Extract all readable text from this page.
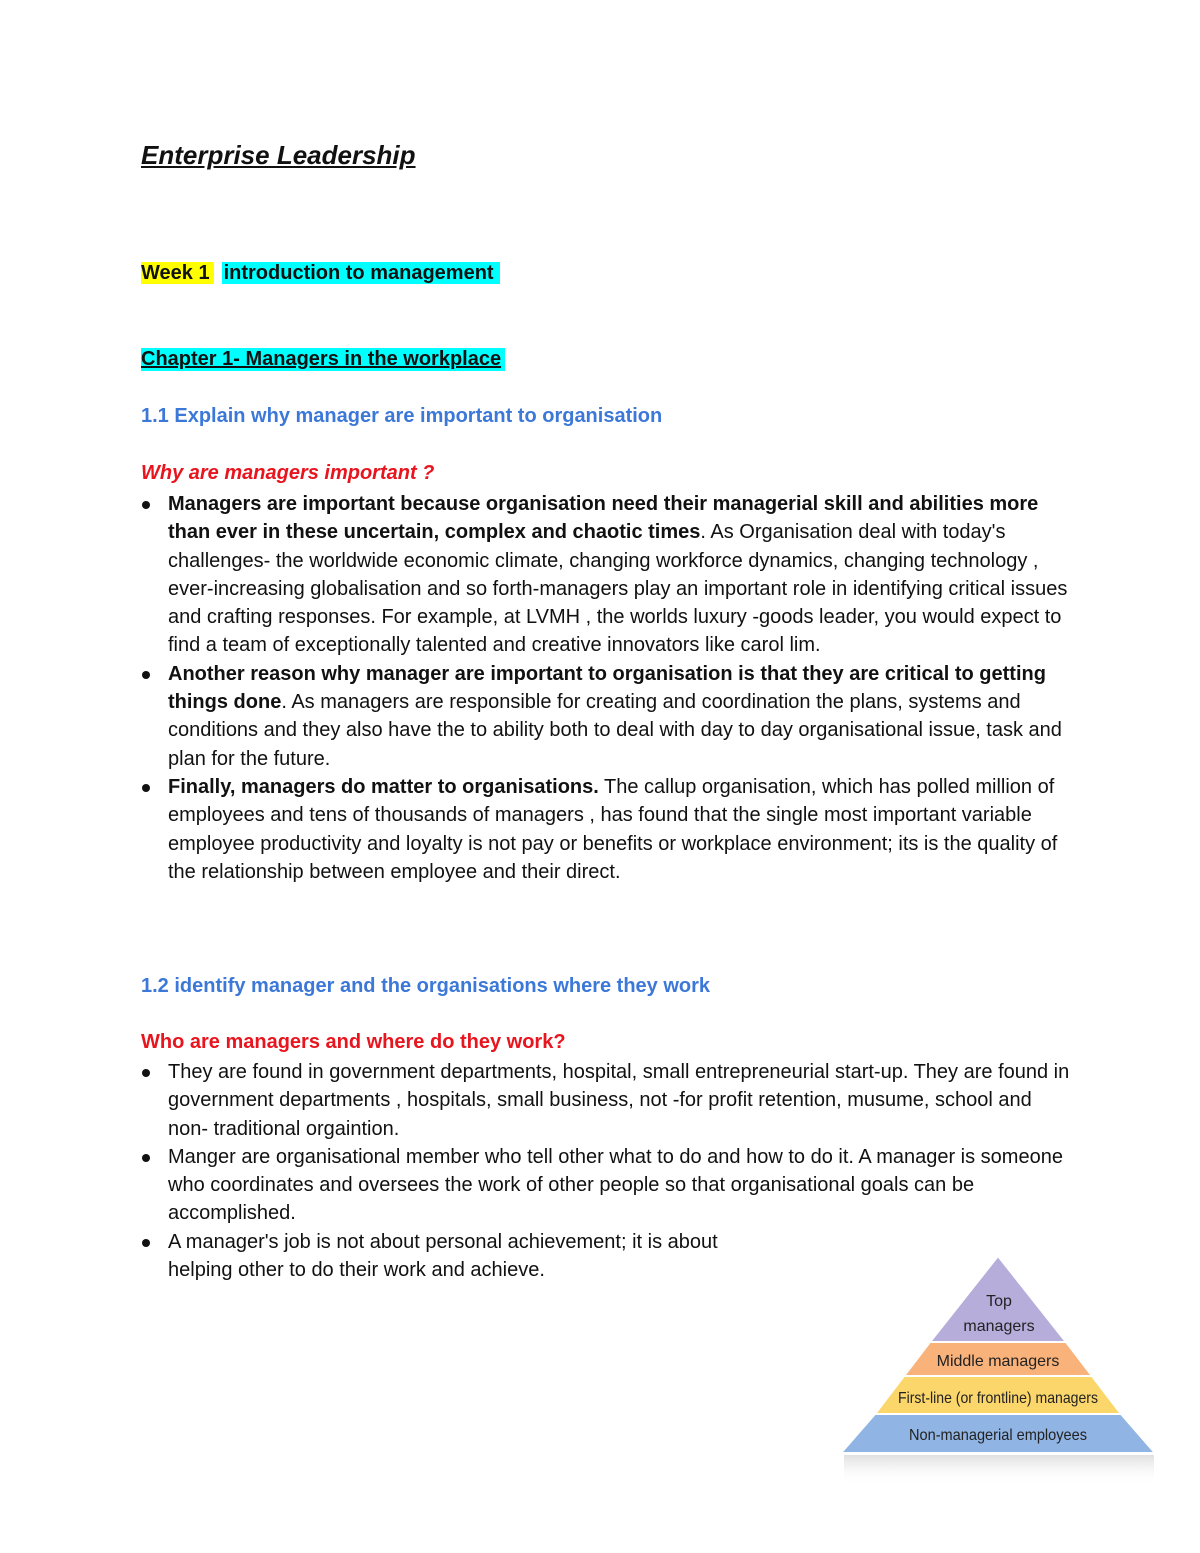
Enterprise Leadership
Week 1 introduction to management
Chapter 1- Managers in the workplace
1.1 Explain why manager are important to organisation
Why are managers important ?
Managers are important because organisation need their managerial skill and abilities more than ever in these uncertain, complex and chaotic times. As Organisation deal with today's challenges- the worldwide economic climate, changing workforce dynamics, changing technology , ever-increasing globalisation and so forth-managers play an important role in identifying critical issues and crafting responses. For example, at LVMH , the worlds luxury -goods leader, you would expect to find a team of exceptionally talented and creative innovators like carol lim.
Another reason why manager are important to organisation is that they are critical to getting things done. As managers are responsible for creating and coordination the plans, systems and conditions and they also have the to ability both to deal with day to day organisational issue, task and plan for the future.
Finally, managers do matter to organisations. The callup organisation, which has polled million of employees and tens of thousands of managers , has found that the single most important variable employee productivity and loyalty is not pay or benefits or workplace environment; its is the quality of the relationship between employee and their direct.
1.2 identify manager and the organisations where they work
Who are managers and where do they work?
They are found in government departments, hospital, small entrepreneurial start-up. They are found in government departments , hospitals, small business, not -for profit retention, musume, school and non- traditional orgaintion.
Manger are organisational member who tell other what to do and how to do it. A manager is someone who coordinates and oversees the work of other people so that organisational goals can be accomplished.
A manager's job is not about personal achievement; it is about
helping other to do their work and achieve.
Top
managers
Middle managers
First-line (or frontline) managers
Non-managerial employees
